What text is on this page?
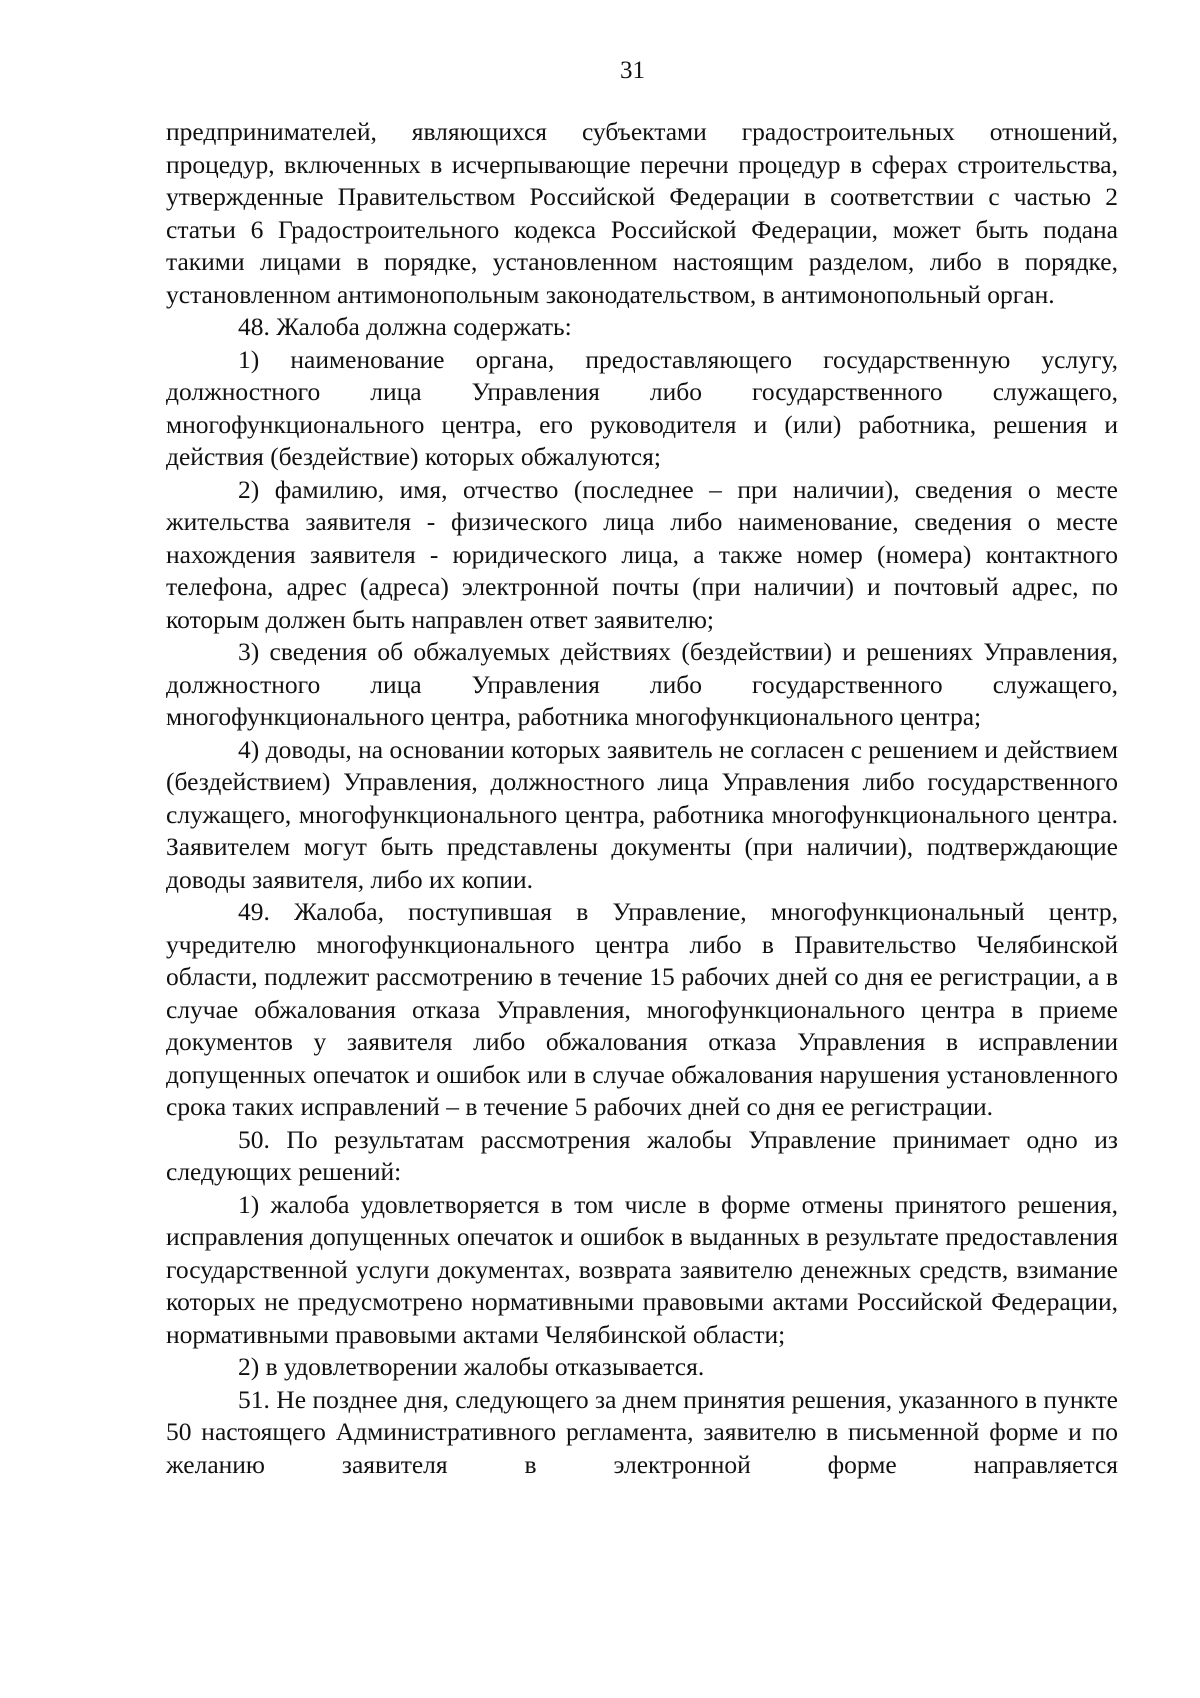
31

предпринимателей, являющихся субъектами градостроительных отношений, процедур, включенных в исчерпывающие перечни процедур в сферах строительства, утвержденные Правительством Российской Федерации в соответствии с частью 2 статьи 6 Градостроительного кодекса Российской Федерации, может быть подана такими лицами в порядке, установленном настоящим разделом, либо в порядке, установленном антимонопольным законодательством, в антимонопольный орган.

48. Жалоба должна содержать:

1) наименование органа, предоставляющего государственную услугу, должностного лица Управления либо государственного служащего, многофункционального центра, его руководителя и (или) работника, решения и действия (бездействие) которых обжалуются;

2) фамилию, имя, отчество (последнее – при наличии), сведения о месте жительства заявителя - физического лица либо наименование, сведения о месте нахождения заявителя - юридического лица, а также номер (номера) контактного телефона, адрес (адреса) электронной почты (при наличии) и почтовый адрес, по которым должен быть направлен ответ заявителю;

3) сведения об обжалуемых действиях (бездействии) и решениях Управления, должностного лица Управления либо государственного служащего, многофункционального центра, работника многофункционального центра;

4) доводы, на основании которых заявитель не согласен с решением и действием (бездействием) Управления, должностного лица Управления либо государственного служащего, многофункционального центра, работника многофункционального центра. Заявителем могут быть представлены документы (при наличии), подтверждающие доводы заявителя, либо их копии.

49. Жалоба, поступившая в Управление, многофункциональный центр, учредителю многофункционального центра либо в Правительство Челябинской области, подлежит рассмотрению в течение 15 рабочих дней со дня ее регистрации, а в случае обжалования отказа Управления, многофункционального центра в приеме документов у заявителя либо обжалования отказа Управления в исправлении допущенных опечаток и ошибок или в случае обжалования нарушения установленного срока таких исправлений – в течение 5 рабочих дней со дня ее регистрации.

50. По результатам рассмотрения жалобы Управление принимает одно из следующих решений:

1) жалоба удовлетворяется в том числе в форме отмены принятого решения, исправления допущенных опечаток и ошибок в выданных в результате предоставления государственной услуги документах, возврата заявителю денежных средств, взимание которых не предусмотрено нормативными правовыми актами Российской Федерации, нормативными правовыми актами Челябинской области;

2) в удовлетворении жалобы отказывается.

51. Не позднее дня, следующего за днем принятия решения, указанного в пункте 50 настоящего Административного регламента, заявителю в письменной форме и по желанию заявителя в электронной форме направляется
